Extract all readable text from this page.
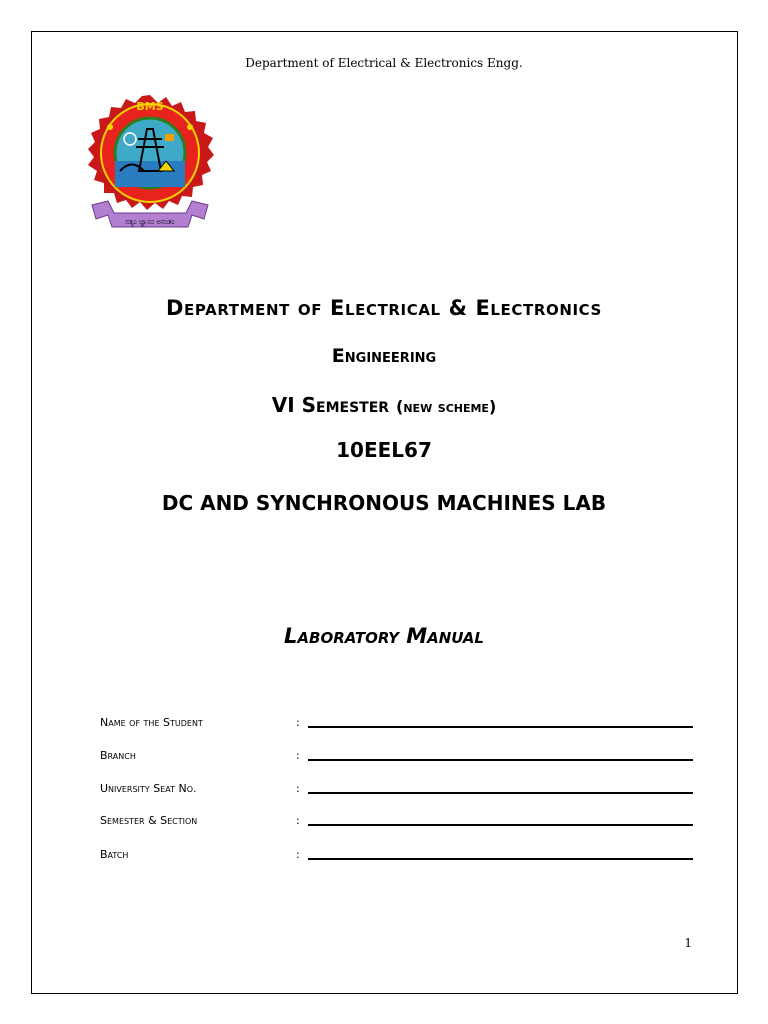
Department of Electrical & Electronics Engg.
BMS
ಸತ್ಯಂ ಜ್ಞಾನಂ ಅನಂತಂ
Department of Electrical & Electronics
Engineering
VI Semester (new scheme)
10EEL67
DC AND SYNCHRONOUS MACHINES LAB
Laboratory Manual
Name of the Student	:
Branch	:
University Seat No.	:
Semester & Section	:
Batch	:
1
